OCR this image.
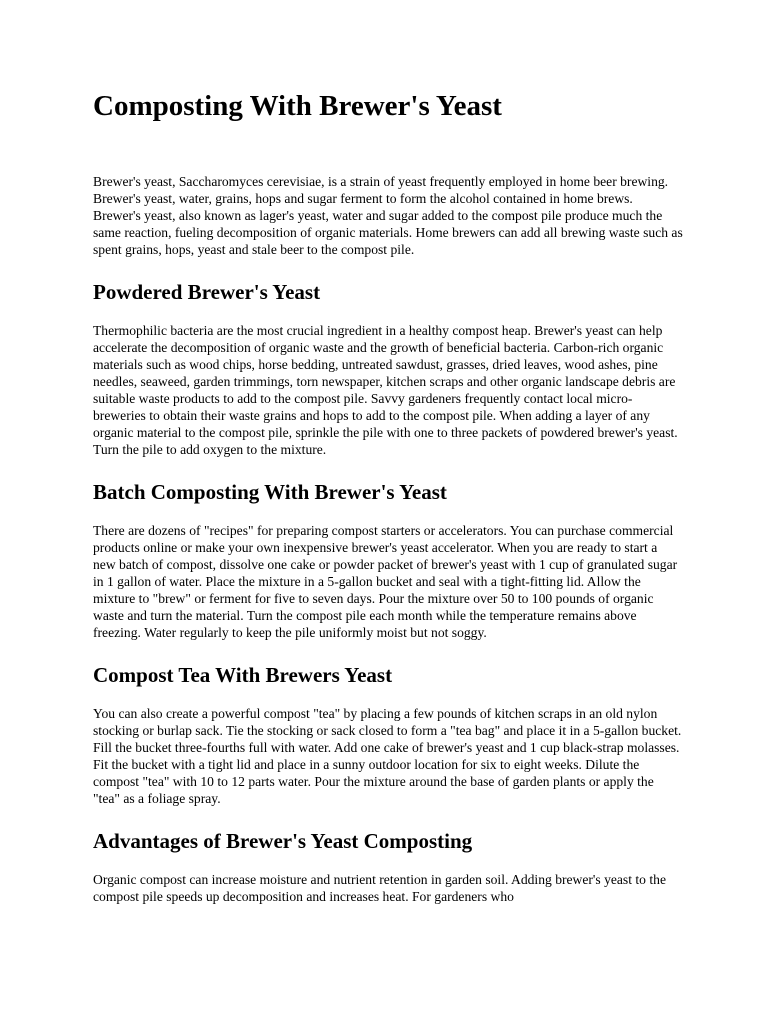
Composting With Brewer's Yeast

Brewer's yeast, Saccharomyces cerevisiae, is a strain of yeast frequently employed in home beer brewing. Brewer's yeast, water, grains, hops and sugar ferment to form the alcohol contained in home brews. Brewer's yeast, also known as lager's yeast, water and sugar added to the compost pile produce much the same reaction, fueling decomposition of organic materials. Home brewers can add all brewing waste such as spent grains, hops, yeast and stale beer to the compost pile.

Powdered Brewer's Yeast

Thermophilic bacteria are the most crucial ingredient in a healthy compost heap. Brewer's yeast can help accelerate the decomposition of organic waste and the growth of beneficial bacteria. Carbon-rich organic materials such as wood chips, horse bedding, untreated sawdust, grasses, dried leaves, wood ashes, pine needles, seaweed, garden trimmings, torn newspaper, kitchen scraps and other organic landscape debris are suitable waste products to add to the compost pile. Savvy gardeners frequently contact local micro-breweries to obtain their waste grains and hops to add to the compost pile. When adding a layer of any organic material to the compost pile, sprinkle the pile with one to three packets of powdered brewer's yeast. Turn the pile to add oxygen to the mixture.

Batch Composting With Brewer's Yeast

There are dozens of "recipes" for preparing compost starters or accelerators. You can purchase commercial products online or make your own inexpensive brewer's yeast accelerator. When you are ready to start a new batch of compost, dissolve one cake or powder packet of brewer's yeast with 1 cup of granulated sugar in 1 gallon of water. Place the mixture in a 5-gallon bucket and seal with a tight-fitting lid. Allow the mixture to "brew" or ferment for five to seven days. Pour the mixture over 50 to 100 pounds of organic waste and turn the material. Turn the compost pile each month while the temperature remains above freezing. Water regularly to keep the pile uniformly moist but not soggy.

Compost Tea With Brewers Yeast

You can also create a powerful compost "tea" by placing a few pounds of kitchen scraps in an old nylon stocking or burlap sack. Tie the stocking or sack closed to form a "tea bag" and place it in a 5-gallon bucket. Fill the bucket three-fourths full with water. Add one cake of brewer's yeast and 1 cup black-strap molasses. Fit the bucket with a tight lid and place in a sunny outdoor location for six to eight weeks. Dilute the compost "tea" with 10 to 12 parts water. Pour the mixture around the base of garden plants or apply the "tea" as a foliage spray.

Advantages of Brewer's Yeast Composting

Organic compost can increase moisture and nutrient retention in garden soil. Adding brewer's yeast to the compost pile speeds up decomposition and increases heat. For gardeners who
